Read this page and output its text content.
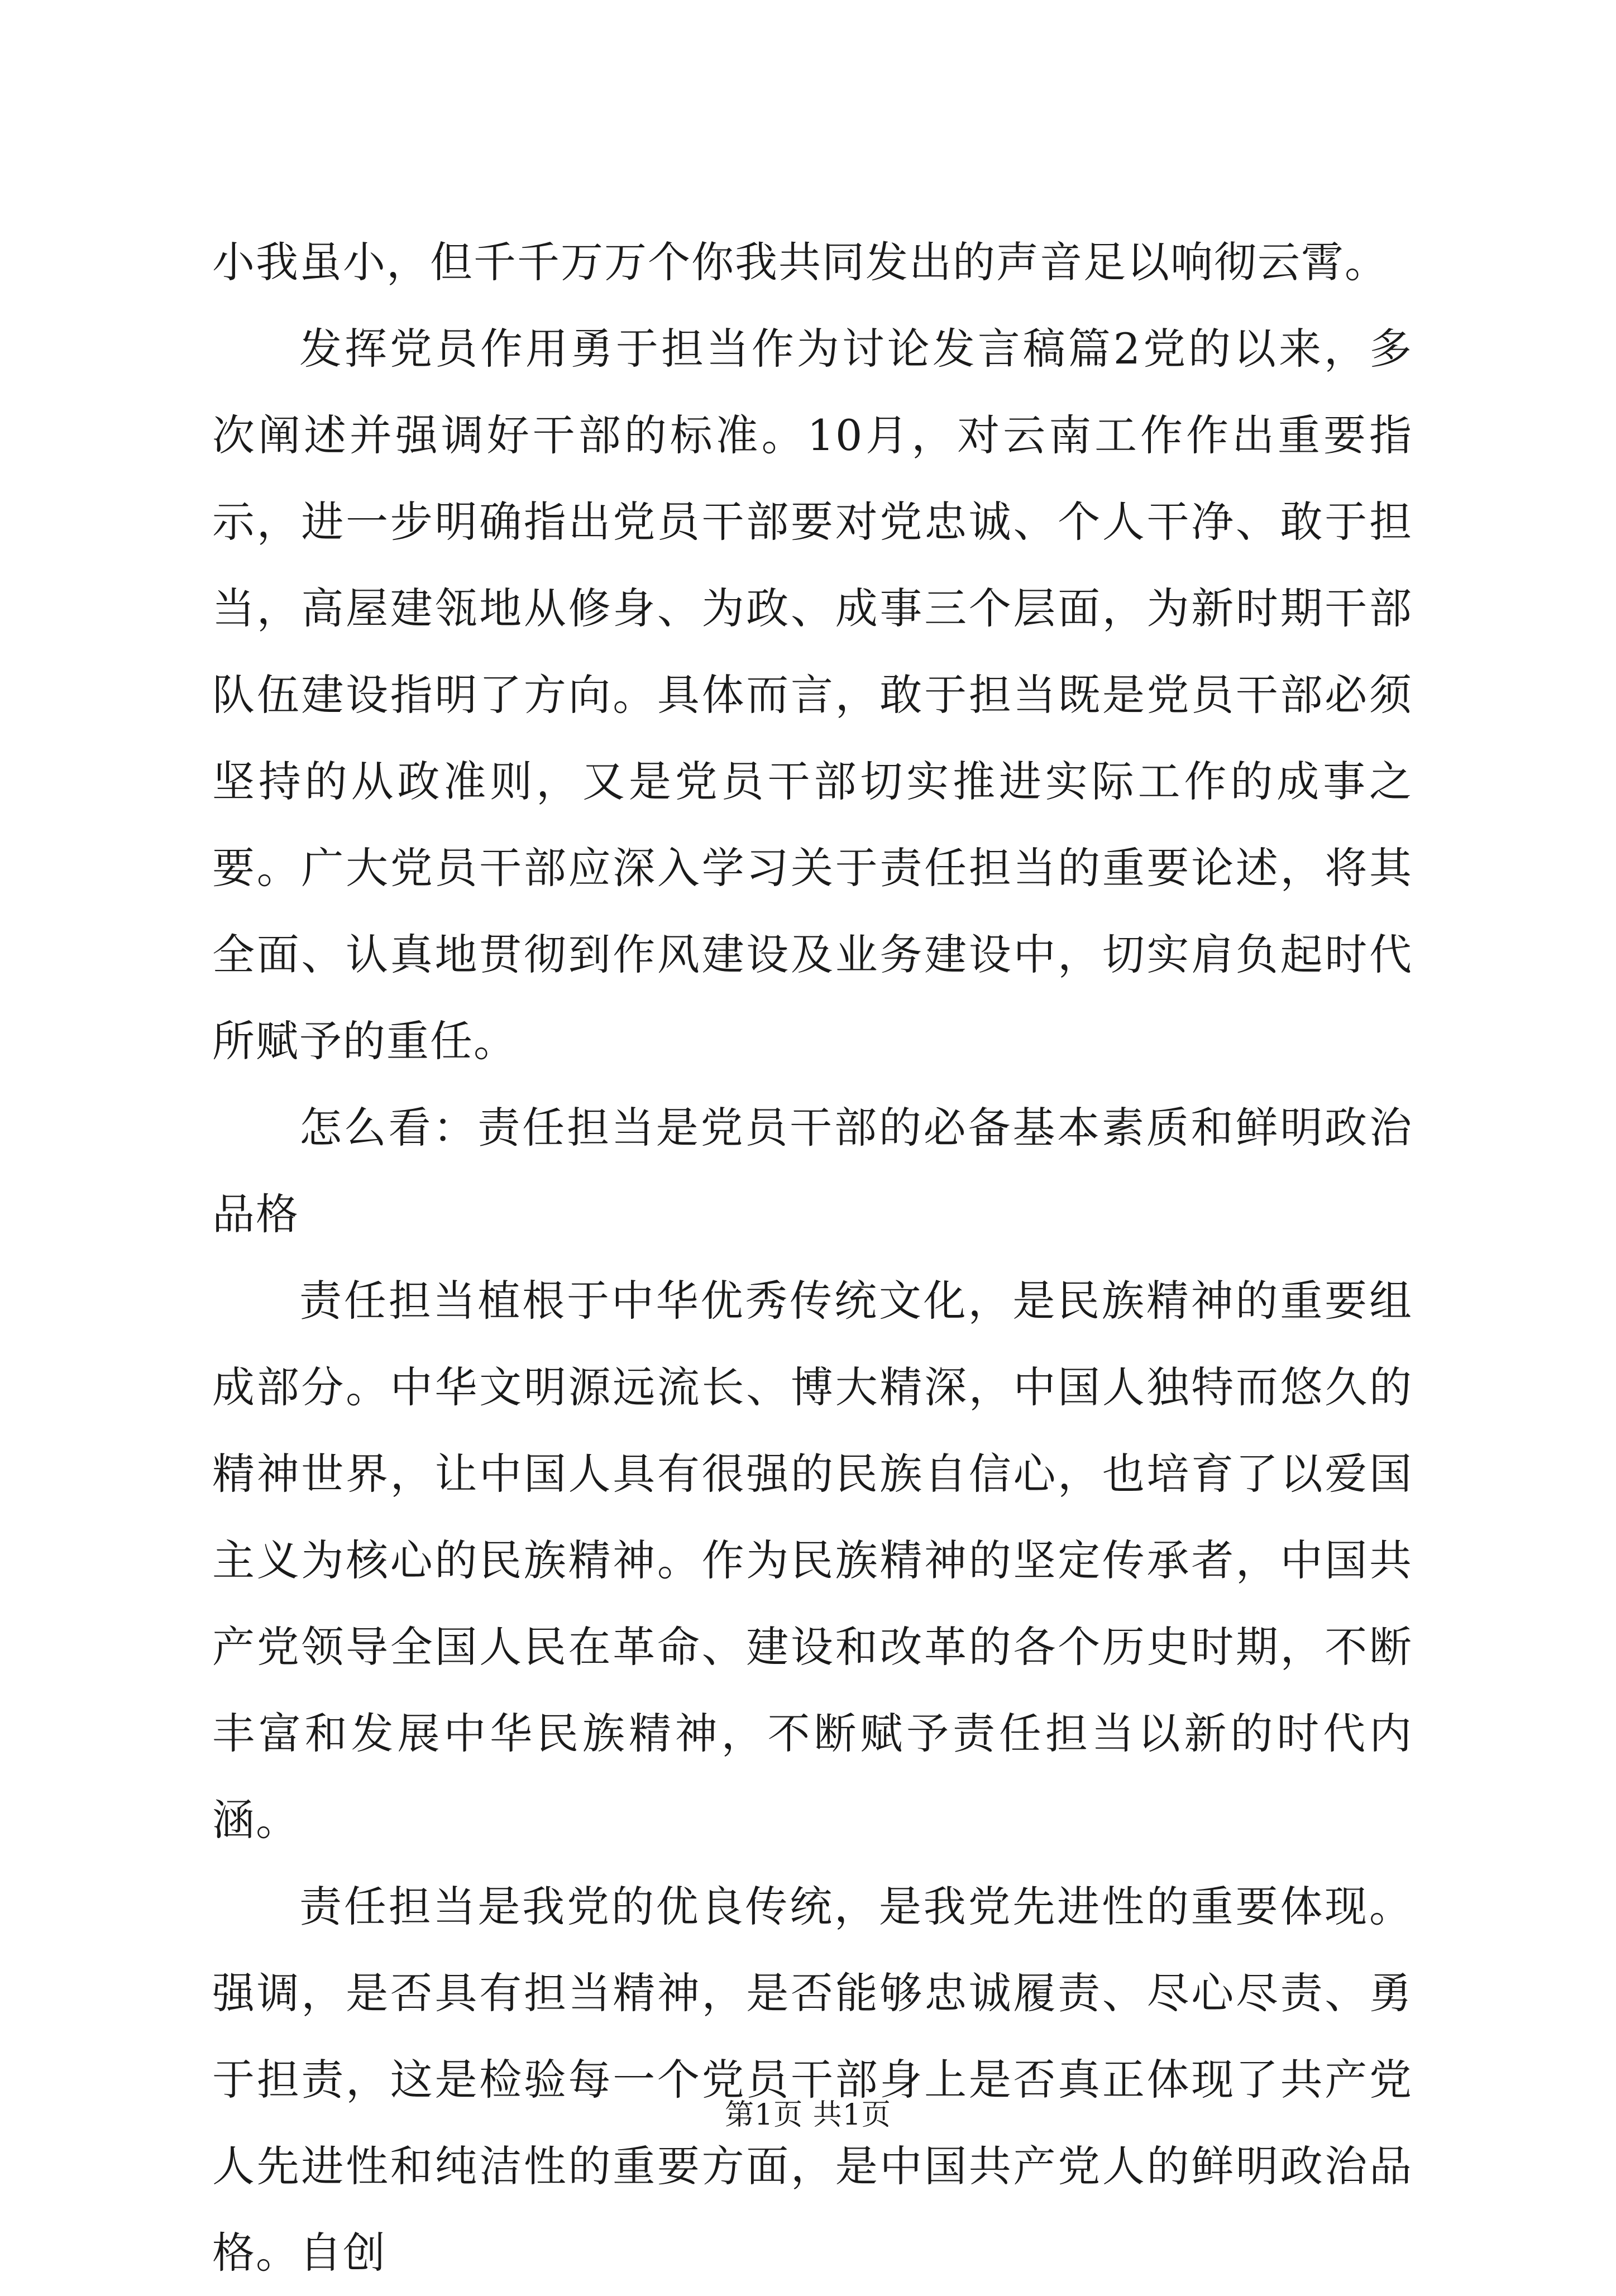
小我虽小，但千千万万个你我共同发出的声音足以响彻云霄。

发挥党员作用勇于担当作为讨论发言稿篇2党的以来，多次阐述并强调好干部的标准。10月，对云南工作作出重要指示，进一步明确指出党员干部要对党忠诚、个人干净、敢于担当，高屋建瓴地从修身、为政、成事三个层面，为新时期干部队伍建设指明了方向。具体而言，敢于担当既是党员干部必须坚持的从政准则，又是党员干部切实推进实际工作的成事之要。广大党员干部应深入学习关于责任担当的重要论述，将其全面、认真地贯彻到作风建设及业务建设中，切实肩负起时代所赋予的重任。

怎么看：责任担当是党员干部的必备基本素质和鲜明政治品格

责任担当植根于中华优秀传统文化，是民族精神的重要组成部分。中华文明源远流长、博大精深，中国人独特而悠久的精神世界，让中国人具有很强的民族自信心，也培育了以爱国主义为核心的民族精神。作为民族精神的坚定传承者，中国共产党领导全国人民在革命、建设和改革的各个历史时期，不断丰富和发展中华民族精神，不断赋予责任担当以新的时代内涵。

责任担当是我党的优良传统，是我党先进性的重要体现。强调，是否具有担当精神，是否能够忠诚履责、尽心尽责、勇于担责，这是检验每一个党员干部身上是否真正体现了共产党人先进性和纯洁性的重要方面，是中国共产党人的鲜明政治品格。自创

第1页 共1页
